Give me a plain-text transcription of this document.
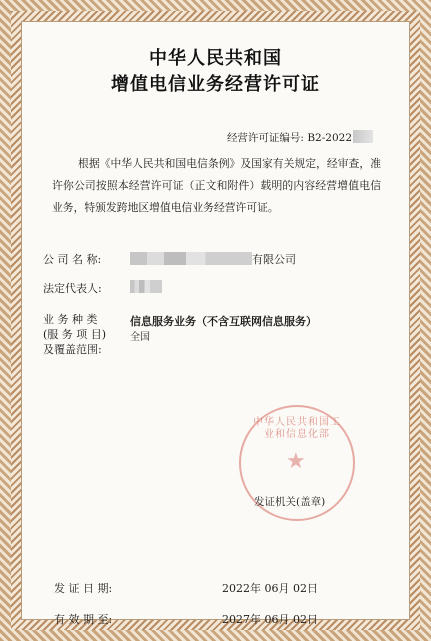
中华人民共和国
增值电信业务经营许可证
经营许可证编号: B2-2022
根据《中华人民共和国电信条例》及国家有关规定，经审查，准许你公司按照本经营许可证（正文和附件）载明的内容经营增值电信业务，特颁发跨地区增值电信业务经营许可证。
公 司 名 称:	有限公司
法定代表人:
业 务 种 类
(服 务 项 目)
及覆盖范围:
信息服务业务（不含互联网信息服务）
全国
中华人民共和国工业和信息化部
★
发证机关(盖章)
发 证 日 期:	2022年 06月 02日
有 效 期 至:	2027年 06月 02日
